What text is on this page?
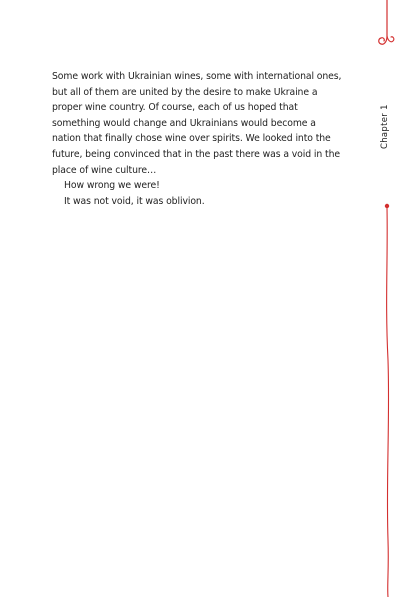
Some work with Ukrainian wines, some with international ones, but all of them are united by the desire to make Ukraine a proper wine country. Of course, each of us hoped that something would change and Ukrainians would become a nation that finally chose wine over spirits. We looked into the future, being convinced that in the past there was a void in the place of wine culture…

How wrong we were!

It was not void, it was oblivion.

Chapter 1
